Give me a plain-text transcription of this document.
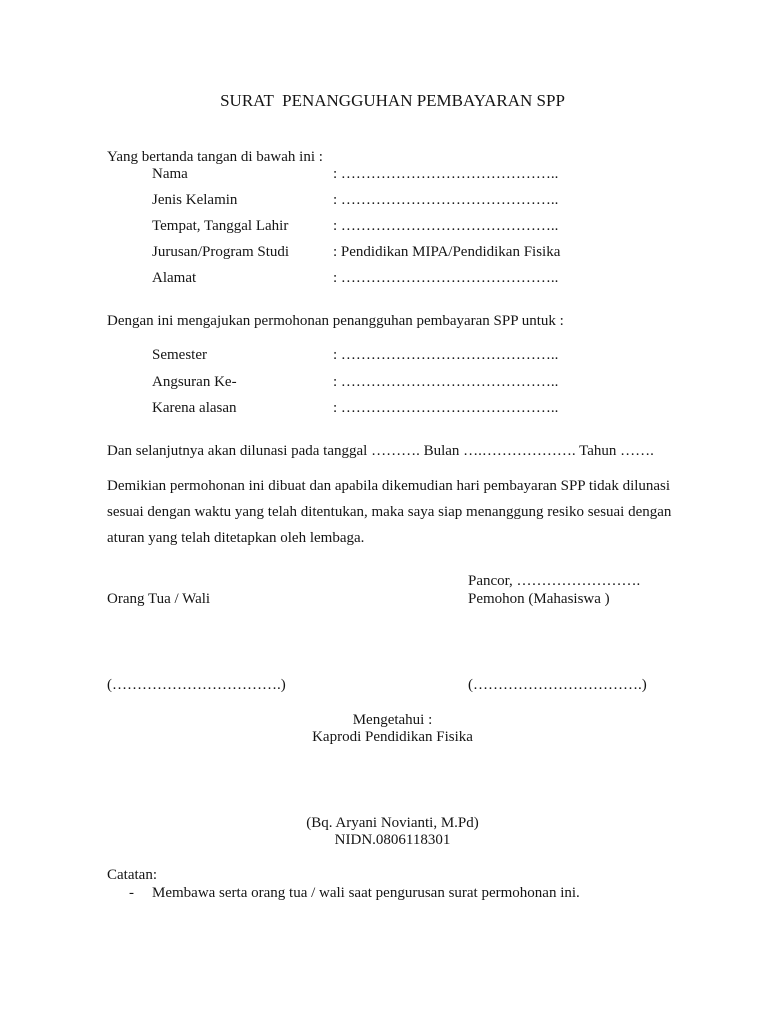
SURAT  PENANGGUHAN PEMBAYARAN SPP
Yang bertanda tangan di bawah ini :
Nama	: ……………………………………..
Jenis Kelamin	: ……………………………………..
Tempat, Tanggal Lahir	: ……………………………………..
Jurusan/Program Studi	: Pendidikan MIPA/Pendidikan Fisika
Alamat	: ……………………………………..
Dengan ini mengajukan permohonan penangguhan pembayaran SPP untuk :
Semester	: ……………………………………..
Angsuran Ke-	: ……………………………………..
Karena alasan	: ……………………………………..
Dan selanjutnya akan dilunasi pada tanggal ………. Bulan ….………………. Tahun …….
Demikian permohonan ini dibuat dan apabila dikemudian hari pembayaran SPP tidak dilunasi
sesuai dengan waktu yang telah ditentukan, maka saya siap menanggung resiko sesuai dengan
aturan yang telah ditetapkan oleh lembaga.
Pancor, …………………….
Orang Tua / Wali	Pemohon (Mahasiswa )
(…………………………….)	(…………………………….)
Mengetahui :
Kaprodi Pendidikan Fisika
(Bq. Aryani Novianti, M.Pd)
NIDN.0806118301
Catatan:
- Membawa serta orang tua / wali saat pengurusan surat permohonan ini.
